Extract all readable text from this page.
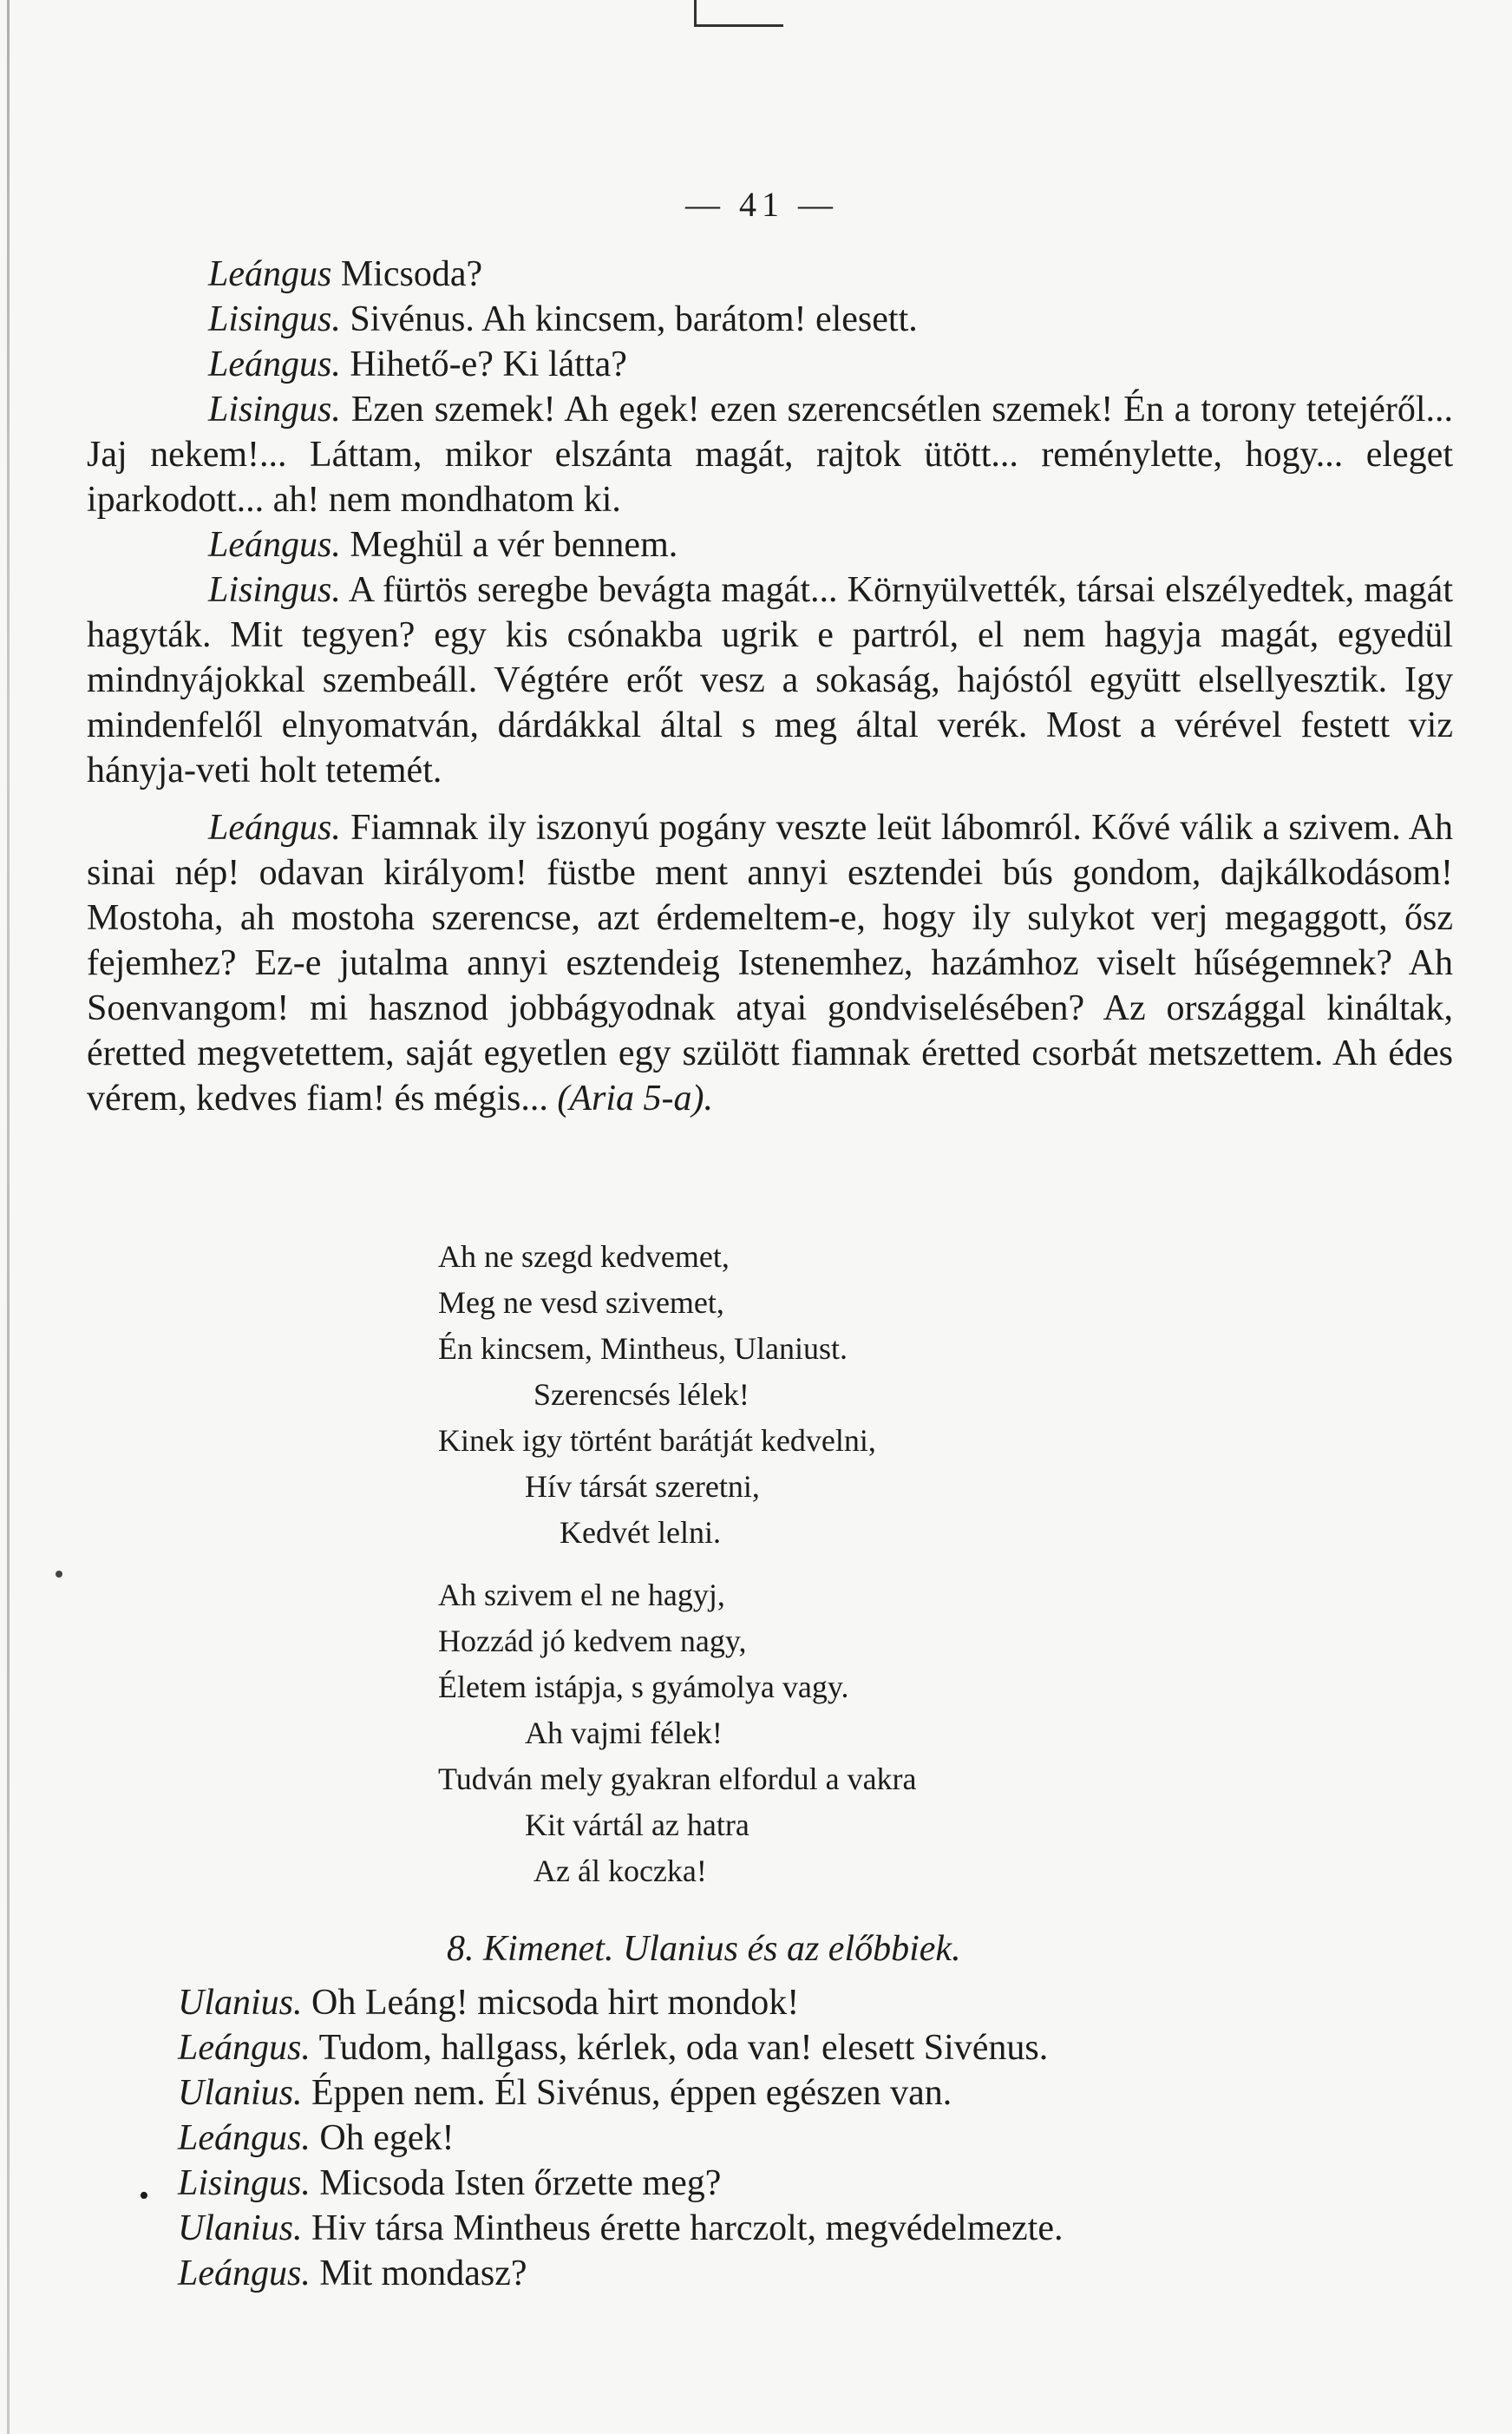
— 41 —

Leángus Micsoda?

Lisingus. Sivénus. Ah kincsem, barátom! elesett.

Leángus. Hihető-e? Ki látta?

Lisingus. Ezen szemek! Ah egek! ezen szerencsétlen szemek! Én a torony tetejéről... Jaj nekem!... Láttam, mikor elszánta magát, rajtok ütött... reménylette, hogy... eleget iparkodott... ah! nem mondhatom ki.

Leángus. Meghül a vér bennem.

Lisingus. A fürtös seregbe bevágta magát... Környülvették, társai elszélyedtek, magát hagyták. Mit tegyen? egy kis csónakba ugrik e partról, el nem hagyja magát, egyedül mindnyájokkal szembeáll. Végtére erőt vesz a sokaság, hajóstól együtt elsellyesztik. Igy mindenfelől elnyomatván, dárdákkal által s meg által verék. Most a vérével festett viz hányja-veti holt tetemét.

Leángus. Fiamnak ily iszonyú pogány veszte leüt lábomról. Kővé válik a szivem. Ah sinai nép! odavan királyom! füstbe ment annyi esztendei bús gondom, dajkálkodásom! Mostoha, ah mostoha szerencse, azt érdemeltem-e, hogy ily sulykot verj megaggott, ősz fejemhez? Ez-e jutalma annyi esztendeig Istenemhez, hazámhoz viselt hűségemnek? Ah Soenvangom! mi hasznod jobbágyodnak atyai gondviselésében? Az országgal kináltak, éretted megvetettem, saját egyetlen egy szülött fiamnak éretted csorbát metszettem. Ah édes vérem, kedves fiam! és mégis... (Aria 5-a).

Ah ne szegd kedvemet,
Meg ne vesd szivemet,
Én kincsem, Mintheus, Ulaniust.
Szerencsés lélek!
Kinek igy történt barátját kedvelni,
Hív társát szeretni,
Kedvét lelni.
Ah szivem el ne hagyj,
Hozzád jó kedvem nagy,
Életem istápja, s gyámolya vagy.
Ah vajmi félek!
Tudván mely gyakran elfordul a vakra
Kit vártál az hatra
Az ál koczka!
8. Kimenet. Ulanius és az előbbiek.
•
Ulanius. Oh Leáng! micsoda hirt mondok!
Leángus. Tudom, hallgass, kérlek, oda van! elesett Sivénus.
Ulanius. Éppen nem. Él Sivénus, éppen egészen van.
Leángus. Oh egek!
Lisingus. Micsoda Isten őrzette meg?
Ulanius. Hiv társa Mintheus érette harczolt, megvédelmezte.
Leángus. Mit mondasz?
